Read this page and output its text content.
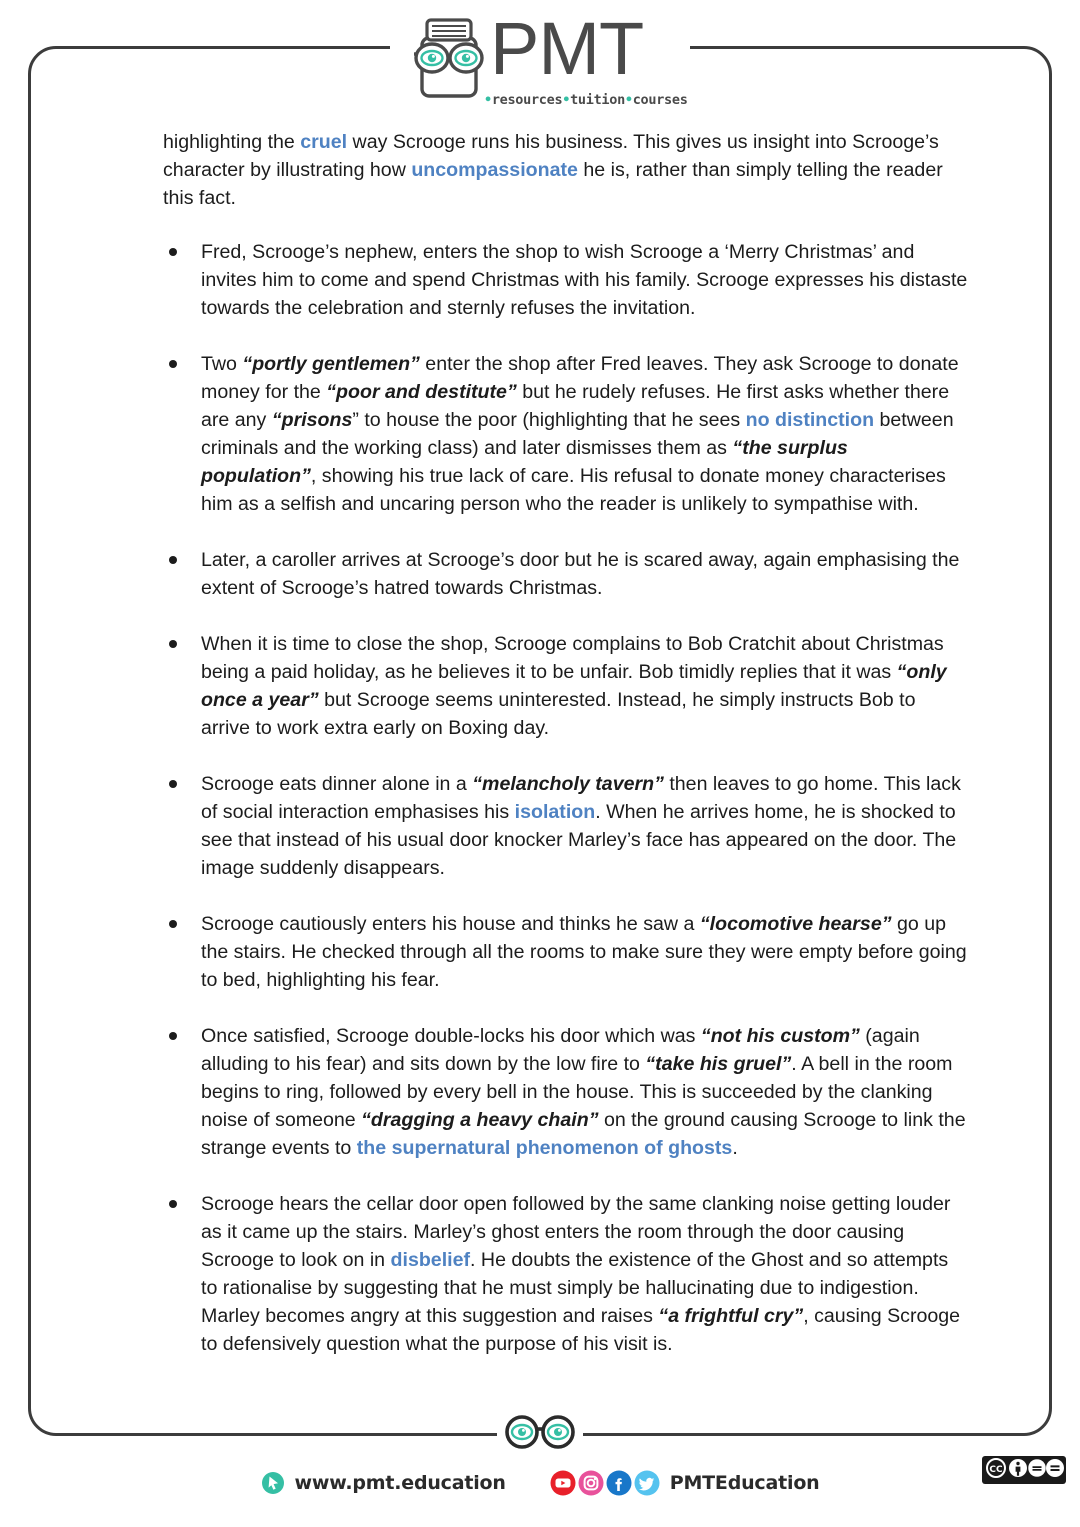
PMT
•resources•tuition•courses

highlighting the cruel way Scrooge runs his business. This gives us insight into Scrooge’s character by illustrating how uncompassionate he is, rather than simply telling the reader this fact.

Fred, Scrooge’s nephew, enters the shop to wish Scrooge a ‘Merry Christmas’ and invites him to come and spend Christmas with his family. Scrooge expresses his distaste towards the celebration and sternly refuses the invitation.
Two “portly gentlemen” enter the shop after Fred leaves. They ask Scrooge to donate money for the “poor and destitute” but he rudely refuses. He first asks whether there are any “prisons” to house the poor (highlighting that he sees no distinction between criminals and the working class) and later dismisses them as “the surplus population”, showing his true lack of care. His refusal to donate money characterises him as a selfish and uncaring person who the reader is unlikely to sympathise with.
Later, a caroller arrives at Scrooge’s door but he is scared away, again emphasising the extent of Scrooge’s hatred towards Christmas.
When it is time to close the shop, Scrooge complains to Bob Cratchit about Christmas being a paid holiday, as he believes it to be unfair. Bob timidly replies that it was “only once a year” but Scrooge seems uninterested. Instead, he simply instructs Bob to arrive to work extra early on Boxing day.
Scrooge eats dinner alone in a “melancholy tavern” then leaves to go home. This lack of social interaction emphasises his isolation. When he arrives home, he is shocked to see that instead of his usual door knocker Marley’s face has appeared on the door. The image suddenly disappears.
Scrooge cautiously enters his house and thinks he saw a “locomotive hearse” go up the stairs. He checked through all the rooms to make sure they were empty before going to bed, highlighting his fear.
Once satisfied, Scrooge double-locks his door which was “not his custom” (again alluding to his fear) and sits down by the low fire to “take his gruel”. A bell in the room begins to ring, followed by every bell in the house. This is succeeded by the clanking noise of someone “dragging a heavy chain” on the ground causing Scrooge to link the strange events to the supernatural phenomenon of ghosts.
Scrooge hears the cellar door open followed by the same clanking noise getting louder as it came up the stairs. Marley’s ghost enters the room through the door causing Scrooge to look on in disbelief. He doubts the existence of the Ghost and so attempts to rationalise by suggesting that he must simply be hallucinating due to indigestion. Marley becomes angry at this suggestion and raises “a frightful cry”, causing Scrooge to defensively question what the purpose of his visit is.
www.pmt.education	PMTEducation
CC
BY NC ND
